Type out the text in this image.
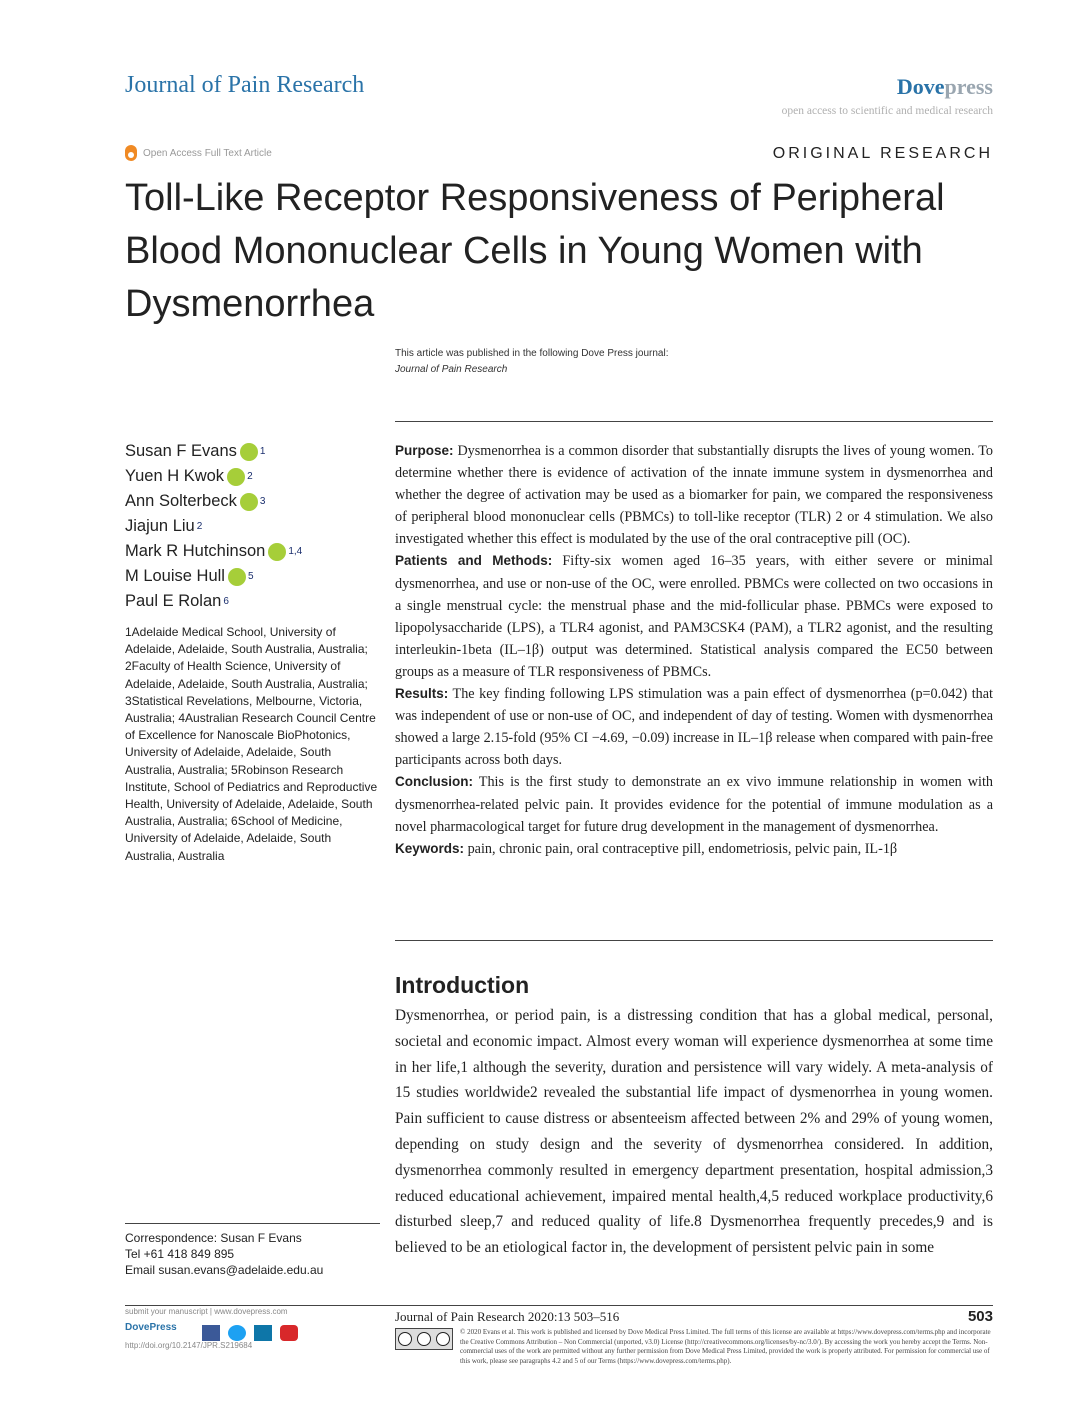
Journal of Pain Research	Dovepress
open access to scientific and medical research
Open Access Full Text Article	ORIGINAL RESEARCH
Toll-Like Receptor Responsiveness of Peripheral
Blood Mononuclear Cells in Young Women with
Dysmenorrhea
This article was published in the following Dove Press journal:
Journal of Pain Research
Susan F Evans 1
Yuen H Kwok 2
Ann Solterbeck 3
Jiajun Liu 2
Mark R Hutchinson 1,4
M Louise Hull 5
Paul E Rolan 6
1Adelaide Medical School, University of Adelaide, Adelaide, South Australia, Australia; 2Faculty of Health Science, University of Adelaide, Adelaide, South Australia, Australia; 3Statistical Revelations, Melbourne, Victoria, Australia; 4Australian Research Council Centre of Excellence for Nanoscale BioPhotonics, University of Adelaide, Adelaide, South Australia, Australia; 5Robinson Research Institute, School of Pediatrics and Reproductive Health, University of Adelaide, Adelaide, South Australia, Australia; 6School of Medicine, University of Adelaide, Adelaide, South Australia, Australia

Purpose: Dysmenorrhea is a common disorder that substantially disrupts the lives of young women. To determine whether there is evidence of activation of the innate immune system in dysmenorrhea and whether the degree of activation may be used as a biomarker for pain, we compared the responsiveness of peripheral blood mononuclear cells (PBMCs) to toll-like receptor (TLR) 2 or 4 stimulation. We also investigated whether this effect is modulated by the use of the oral contraceptive pill (OC).

Patients and Methods: Fifty-six women aged 16–35 years, with either severe or minimal dysmenorrhea, and use or non-use of the OC, were enrolled. PBMCs were collected on two occasions in a single menstrual cycle: the menstrual phase and the mid-follicular phase. PBMCs were exposed to lipopolysaccharide (LPS), a TLR4 agonist, and PAM3CSK4 (PAM), a TLR2 agonist, and the resulting interleukin-1beta (IL–1β) output was determined. Statistical analysis compared the EC50 between groups as a measure of TLR responsiveness of PBMCs.

Results: The key finding following LPS stimulation was a pain effect of dysmenorrhea (p=0.042) that was independent of use or non-use of OC, and independent of day of testing. Women with dysmenorrhea showed a large 2.15-fold (95% CI −4.69, −0.09) increase in IL–1β release when compared with pain-free participants across both days.

Conclusion: This is the first study to demonstrate an ex vivo immune relationship in women with dysmenorrhea-related pelvic pain. It provides evidence for the potential of immune modulation as a novel pharmacological target for future drug development in the management of dysmenorrhea.

Keywords: pain, chronic pain, oral contraceptive pill, endometriosis, pelvic pain, IL-1β

Introduction
Dysmenorrhea, or period pain, is a distressing condition that has a global medical, personal, societal and economic impact. Almost every woman will experience dysmenorrhea at some time in her life,1 although the severity, duration and persistence will vary widely. A meta-analysis of 15 studies worldwide2 revealed the substantial life impact of dysmenorrhea in young women. Pain sufficient to cause distress or absenteeism affected between 2% and 29% of young women, depending on study design and the severity of dysmenorrhea considered. In addition, dysmenorrhea commonly resulted in emergency department presentation, hospital admission,3 reduced educational achievement, impaired mental health,4,5 reduced workplace productivity,6 disturbed sleep,7 and reduced quality of life.8 Dysmenorrhea frequently precedes,9 and is believed to be an etiological factor in, the development of persistent pelvic pain in some
Correspondence: Susan F Evans
Tel +61 418 849 895
Email susan.evans@adelaide.edu.au
submit your manuscript | www.dovepress.com
DovePress
http://doi.org/10.2147/JPR.S219684
Journal of Pain Research 2020:13 503–516	503
© 2020 Evans et al. This work is published and licensed by Dove Medical Press Limited. The full terms of this license are available at https://www.dovepress.com/terms.php and incorporate the Creative Commons Attribution – Non Commercial (unported, v3.0) License (http://creativecommons.org/licenses/by-nc/3.0/). By accessing the work you hereby accept the Terms. Non-commercial uses of the work are permitted without any further permission from Dove Medical Press Limited, provided the work is properly attributed. For permission for commercial use of this work, please see paragraphs 4.2 and 5 of our Terms (https://www.dovepress.com/terms.php).
